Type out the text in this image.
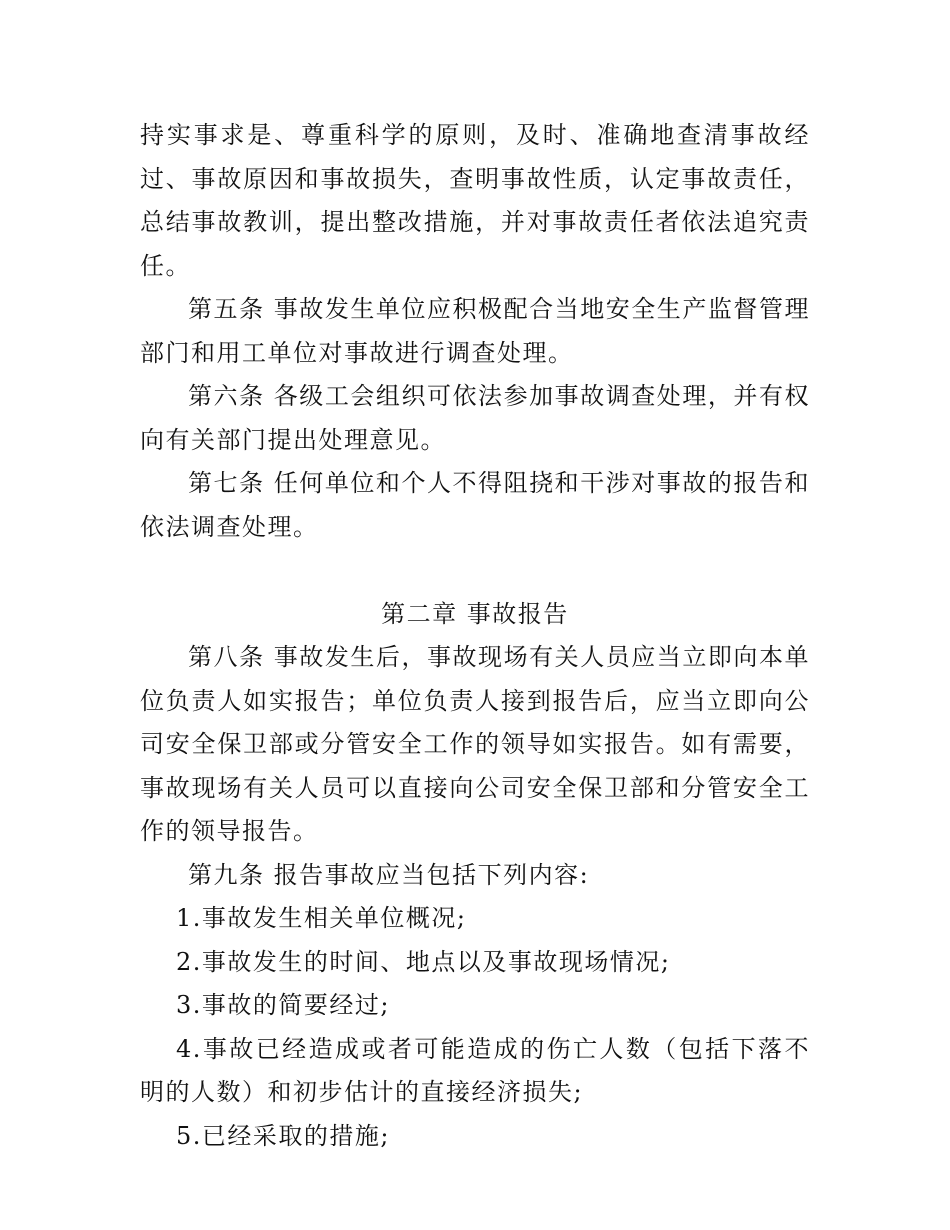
持实事求是、尊重科学的原则，及时、准确地查清事故经过、事故原因和事故损失，查明事故性质，认定事故责任，总结事故教训，提出整改措施，并对事故责任者依法追究责任。

第五条 事故发生单位应积极配合当地安全生产监督管理部门和用工单位对事故进行调查处理。

第六条 各级工会组织可依法参加事故调查处理，并有权向有关部门提出处理意见。

第七条 任何单位和个人不得阻挠和干涉对事故的报告和依法调查处理。

第二章 事故报告

第八条 事故发生后，事故现场有关人员应当立即向本单位负责人如实报告；单位负责人接到报告后，应当立即向公司安全保卫部或分管安全工作的领导如实报告。如有需要，事故现场有关人员可以直接向公司安全保卫部和分管安全工作的领导报告。

第九条 报告事故应当包括下列内容:

1.事故发生相关单位概况;

2.事故发生的时间、地点以及事故现场情况;

3.事故的简要经过;

4.事故已经造成或者可能造成的伤亡人数（包括下落不明的人数）和初步估计的直接经济损失;

5.已经采取的措施;
